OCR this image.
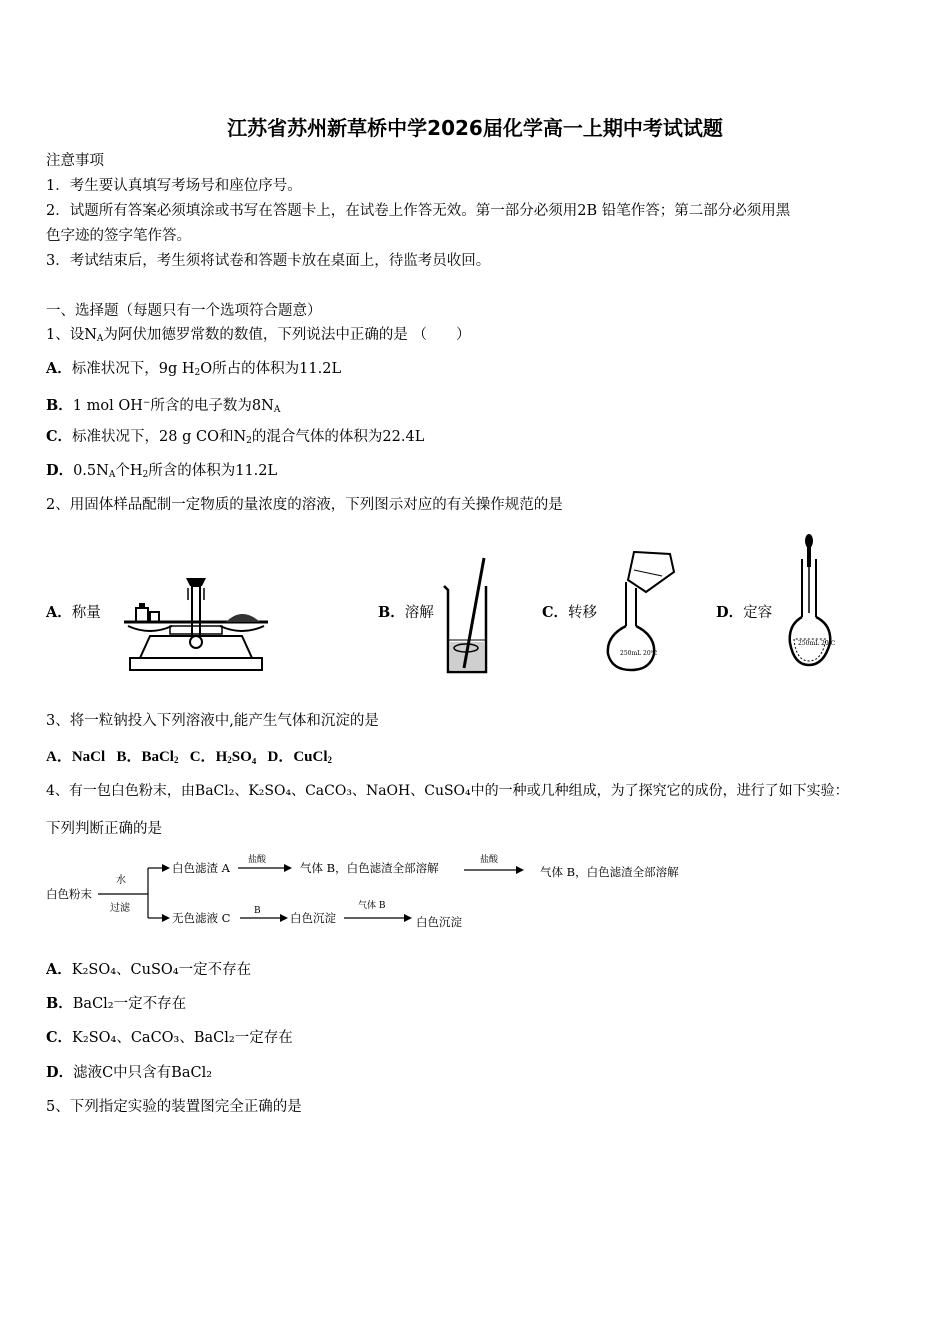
江苏省苏州新草桥中学2026届化学高一上期中考试试题
注意事项
1．考生要认真填写考场号和座位序号。
2．试题所有答案必须填涂或书写在答题卡上，在试卷上作答无效。第一部分必须用2B 铅笔作答；第二部分必须用黑
色字迹的签字笔作答。
3．考试结束后，考生须将试卷和答题卡放在桌面上，待监考员收回。
一、选择题（每题只有一个选项符合题意）
1、设$N_A$为阿伏加德罗常数的数值，下列说法中正确的是 （　　）
A．标准状况下，9g $H_2O$所占的体积为11.2L
B．1 mol OH−所含的电子数为$8N_A$
C．标准状况下，28 g CO和$N_2$的混合气体的体积为22.4L
D．$0.5N_A$个$H_2$所含的体积为11.2L
2、用固体样品配制一定物质的量浓度的溶液，下列图示对应的有关操作规范的是
A．称量	B．溶解	C．转移	D．定容
250mL 20℃
250mL 20℃
3、将一粒钠投入下列溶液中,能产生气体和沉淀的是
A．NaCl B．BaCl$_2$ C．$H_2SO_4$ D．CuCl$_2$
4、有一包白色粉末，由BaCl₂、K₂SO₄、CaCO₃、NaOH、CuSO₄中的一种或几种组成，为了探究它的成份，进行了如下实验：
下列判断正确的是
白色粉末
水
过滤
白色滤渣 A
盐酸
气体 B，白色滤渣全部溶解
盐酸
气体 B，白色滤渣全部溶解
无色滤液 C	B	白色沉淀
气体 B
白色沉淀
A．K₂SO₄、CuSO₄一定不存在
B．BaCl₂一定不存在
C．K₂SO₄、CaCO₃、BaCl₂一定存在
D．滤液C中只含有BaCl₂
5、下列指定实验的装置图完全正确的是
